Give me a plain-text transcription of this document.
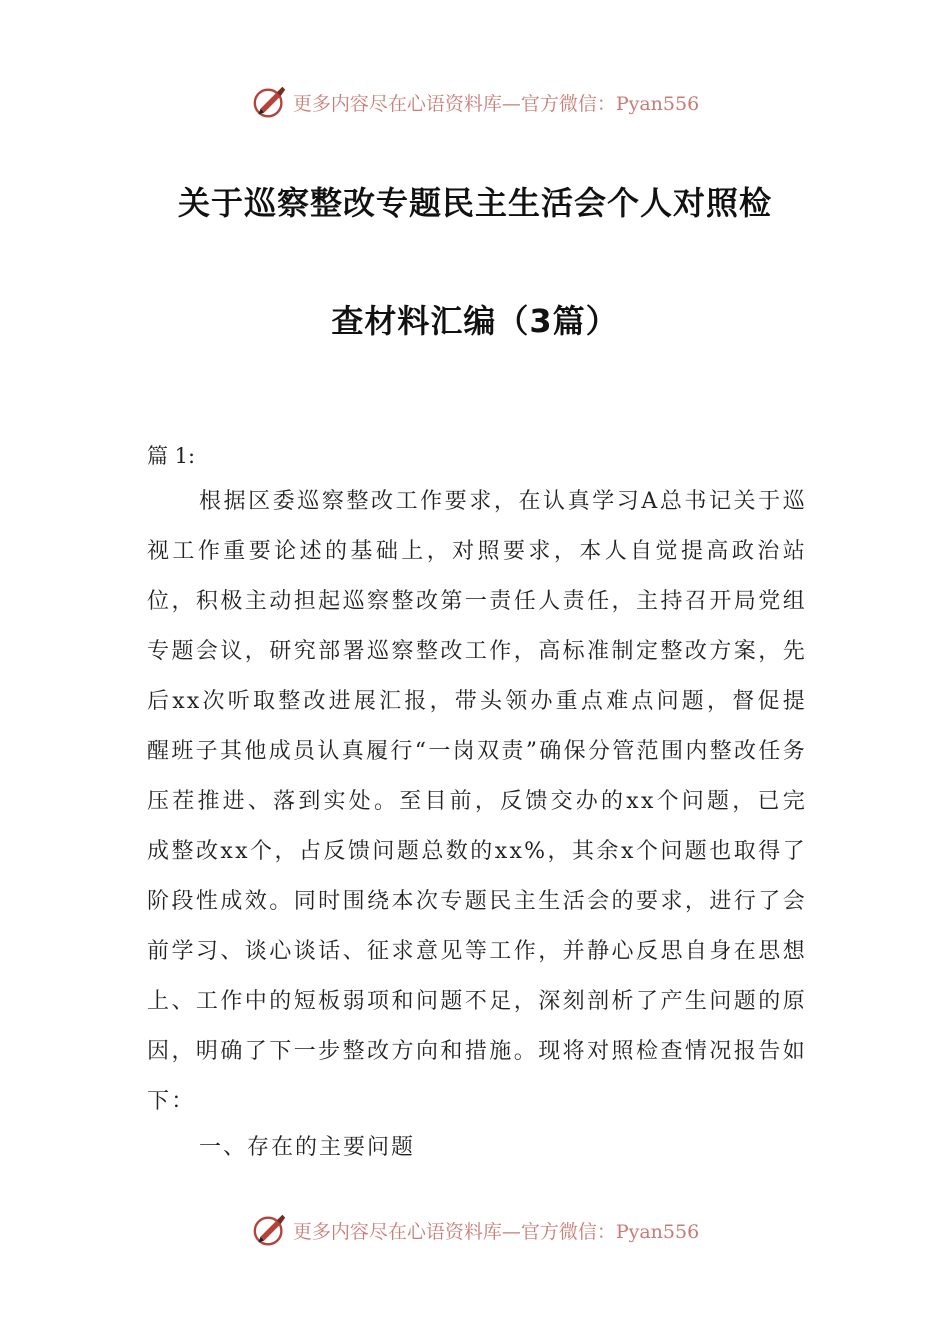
更多内容尽在心语资料库—官方微信：Pyan556
关于巡察整改专题民主生活会个人对照检
查材料汇编（3篇）
篇 1:

根据区委巡察整改工作要求，在认真学习A总书记关于巡视工作重要论述的基础上，对照要求，本人自觉提高政治站位，积极主动担起巡察整改第一责任人责任，主持召开局党组专题会议，研究部署巡察整改工作，高标准制定整改方案，先后xx次听取整改进展汇报，带头领办重点难点问题，督促提醒班子其他成员认真履行“一岗双责”确保分管范围内整改任务压茬推进、落到实处。至目前，反馈交办的xx个问题，已完成整改xx个，占反馈问题总数的xx%，其余x个问题也取得了阶段性成效。同时围绕本次专题民主生活会的要求，进行了会前学习、谈心谈话、征求意见等工作，并静心反思自身在思想上、工作中的短板弱项和问题不足，深刻剖析了产生问题的原因，明确了下一步整改方向和措施。现将对照检查情况报告如下：

一、存在的主要问题
更多内容尽在心语资料库—官方微信：Pyan556
